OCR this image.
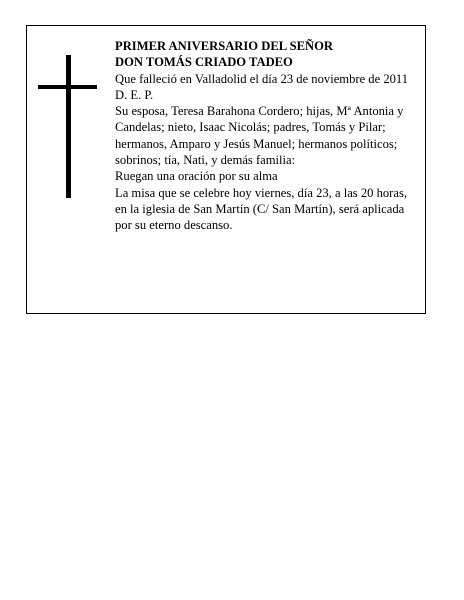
PRIMER ANIVERSARIO DEL SEÑOR

DON TOMÁS CRIADO TADEO

Que falleció en Valladolid el día 23 de noviembre de 2011

D. E. P.

Su esposa, Teresa Barahona Cordero; hijas, Mª Antonia y Candelas; nieto, Isaac Nicolás; padres, Tomás y Pilar; hermanos, Amparo y Jesús Manuel; hermanos políticos; sobrinos; tía, Nati, y demás familia:

Ruegan una oración por su alma

La misa que se celebre hoy viernes, día 23, a las 20 horas, en la iglesia de San Martín (C/ San Martín), será aplicada por su eterno descanso.
